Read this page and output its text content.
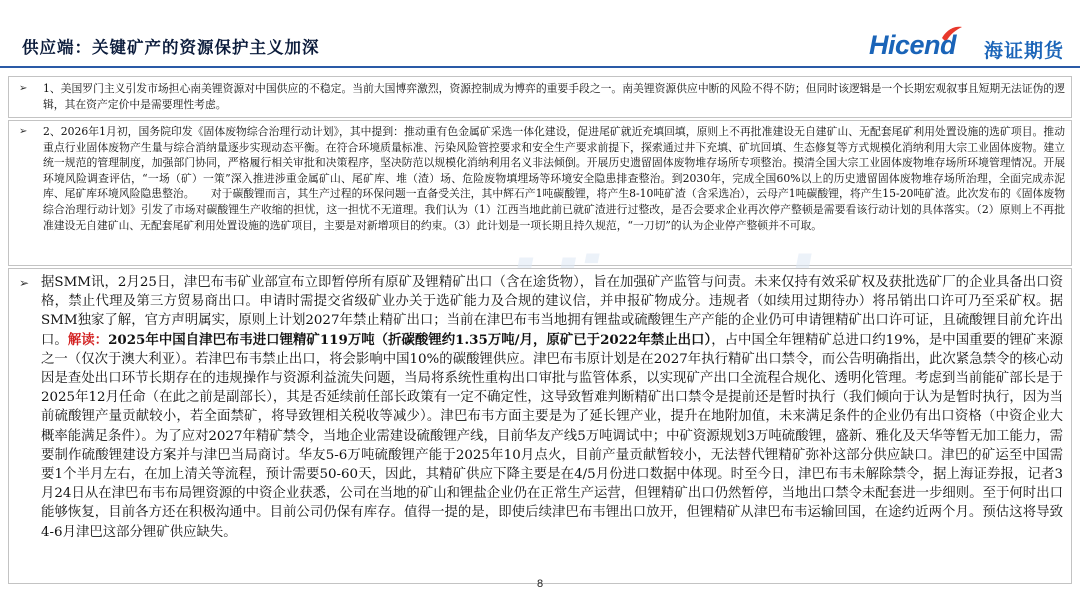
供应端：关键矿产的资源保护主义加深	Hicend 海证期货
➢ 1、美国罗门主义引发市场担心南美锂资源对中国供应的不稳定。当前大国博弈激烈，资源控制成为博弈的重要手段之一。南美锂资源供应中断的风险不得不防；但同时该逻辑是一个长期宏观叙事且短期无法证伪的逻辑，其在资产定价中是需要理性考虑。
➢ 2、2026年1月初，国务院印发《固体废物综合治理行动计划》，其中提到：推动重有色金属矿采选一体化建设，促进尾矿就近充填回填，原则上不再批准建设无自建矿山、无配套尾矿利用处置设施的选矿项目。推动重点行业固体废物产生量与综合消纳量逐步实现动态平衡。在符合环境质量标准、污染风险管控要求和安全生产要求前提下，探索通过井下充填、矿坑回填、生态修复等方式规模化消纳利用大宗工业固体废物。建立统一规范的管理制度，加强部门协同，严格履行相关审批和决策程序，坚决防范以规模化消纳利用名义非法倾倒。开展历史遗留固体废物堆存场所专项整治。摸清全国大宗工业固体废物堆存场所环境管理情况。开展环境风险调查评估，“一场（矿）一策”深入推进涉重金属矿山、尾矿库、堆（渣）场、危险废物填埋场等环境安全隐患排查整治。到2030年，完成全国60%以上的历史遗留固体废物堆存场所治理，全面完成赤泥库、尾矿库环境风险隐患整治。　　对于碳酸锂而言，其生产过程的环保问题一直备受关注，其中辉石产1吨碳酸锂，将产生8-10吨矿渣（含采选冶），云母产1吨碳酸锂，将产生15-20吨矿渣。此次发布的《固体废物综合治理行动计划》引发了市场对碳酸锂生产收缩的担忧，这一担忧不无道理。我们认为（1）江西当地此前已就矿渣进行过整改，是否会要求企业再次停产整顿是需要看该行动计划的具体落实。（2）原则上不再批准建设无自建矿山、无配套尾矿利用处置设施的选矿项目，主要是对新增项目的约束。（3）此计划是一项长期且持久规范，“一刀切”的认为企业停产整顿并不可取。
➢ 据SMM讯，2月25日，津巴布韦矿业部宣布立即暂停所有原矿及锂精矿出口（含在途货物），旨在加强矿产监管与问责。未来仅持有效采矿权及获批选矿厂的企业具备出口资格，禁止代理及第三方贸易商出口。申请时需提交省级矿业办关于选矿能力及合规的建议信，并申报矿物成分。违规者（如续用过期待办）将吊销出口许可乃至采矿权。据SMM独家了解，官方声明属实，原则上计划2027年禁止精矿出口；当前在津巴布韦当地拥有锂盐或硫酸锂生产产能的企业仍可申请锂精矿出口许可证，且硫酸锂目前允许出口。解读：2025年中国自津巴布韦进口锂精矿119万吨（折碳酸锂约1.35万吨/月，原矿已于2022年禁止出口），占中国全年锂精矿总进口约19%，是中国重要的锂矿来源之一（仅次于澳大利亚）。若津巴布韦禁止出口，将会影响中国10%的碳酸锂供应。津巴布韦原计划是在2027年执行精矿出口禁令，而公告明确指出，此次紧急禁令的核心动因是查处出口环节长期存在的违规操作与资源利益流失问题，当局将系统性重构出口审批与监管体系，以实现矿产出口全流程合规化、透明化管理。考虑到当前能矿部长是于2025年12月任命（在此之前是副部长），其是否延续前任部长政策有一定不确定性，这导致暂难判断精矿出口禁令是提前还是暂时执行（我们倾向于认为是暂时执行，因为当前硫酸锂产量贡献较小，若全面禁矿，将导致锂相关税收等减少）。津巴布韦方面主要是为了延长锂产业，提升在地附加值，未来满足条件的企业仍有出口资格（中资企业大概率能满足条件）。为了应对2027年精矿禁令，当地企业需建设硫酸锂产线，目前华友产线5万吨调试中；中矿资源规划3万吨硫酸锂，盛新、雅化及天华等暂无加工能力，需要制作硫酸锂建设方案并与津巴当局商讨。华友5-6万吨硫酸锂产能于2025年10月点火，目前产量贡献暂较小，无法替代锂精矿弥补这部分供应缺口。津巴的矿运至中国需要1个半月左右，在加上清关等流程，预计需要50-60天，因此，其精矿供应下降主要是在4/5月份进口数据中体现。时至今日，津巴布韦未解除禁令，据上海证券报，记者3月24日从在津巴布韦布局锂资源的中资企业获悉，公司在当地的矿山和锂盐企业仍在正常生产运营，但锂精矿出口仍然暂停，当地出口禁令未配套进一步细则。至于何时出口能够恢复，目前各方还在积极沟通中。目前公司仍保有库存。值得一提的是，即使后续津巴布韦锂出口放开，但锂精矿从津巴布韦运输回国，在途约近两个月。预估这将导致4-6月津巴这部分锂矿供应缺失。
8
